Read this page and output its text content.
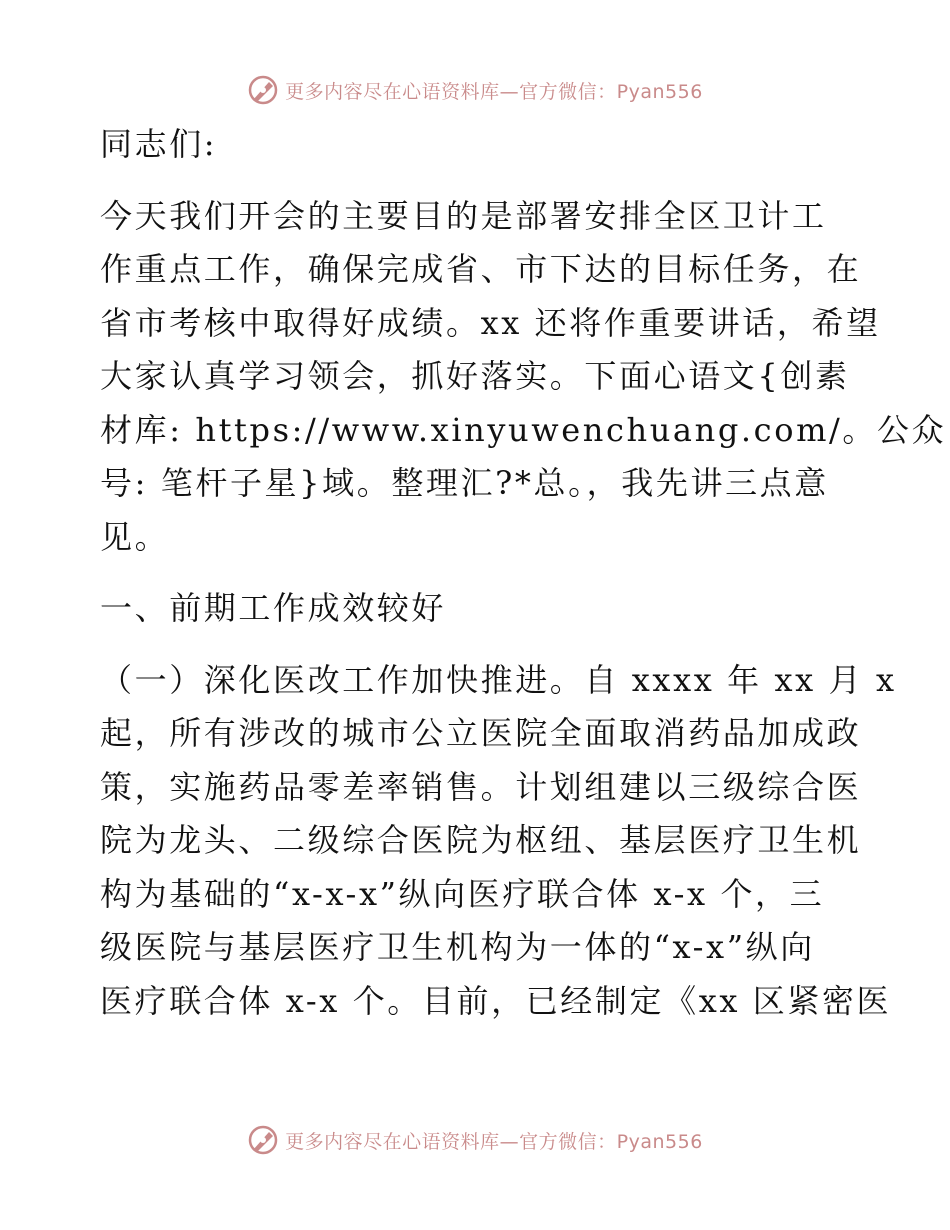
更多内容尽在心语资料库—官方微信：Pyan556

同志们:

今天我们开会的主要目的是部署安排全区卫计工

作重点工作，确保完成省、市下达的目标任务，在

省市考核中取得好成绩。xx 还将作重要讲话，希望

大家认真学习领会，抓好落实。下面心语文{创素

材库: https://www.xinyuwenchuang.com/。公众

号: 笔杆子星}域。整理汇?*总。，我先讲三点意

见。

一、前期工作成效较好

（一）深化医改工作加快推进。自 xxxx 年 xx 月 x

起，所有涉改的城市公立医院全面取消药品加成政

策，实施药品零差率销售。计划组建以三级综合医

院为龙头、二级综合医院为枢纽、基层医疗卫生机

构为基础的“x-x-x”纵向医疗联合体 x-x 个，三

级医院与基层医疗卫生机构为一体的“x-x”纵向

医疗联合体 x-x 个。目前，已经制定《xx 区紧密医

更多内容尽在心语资料库—官方微信：Pyan556
